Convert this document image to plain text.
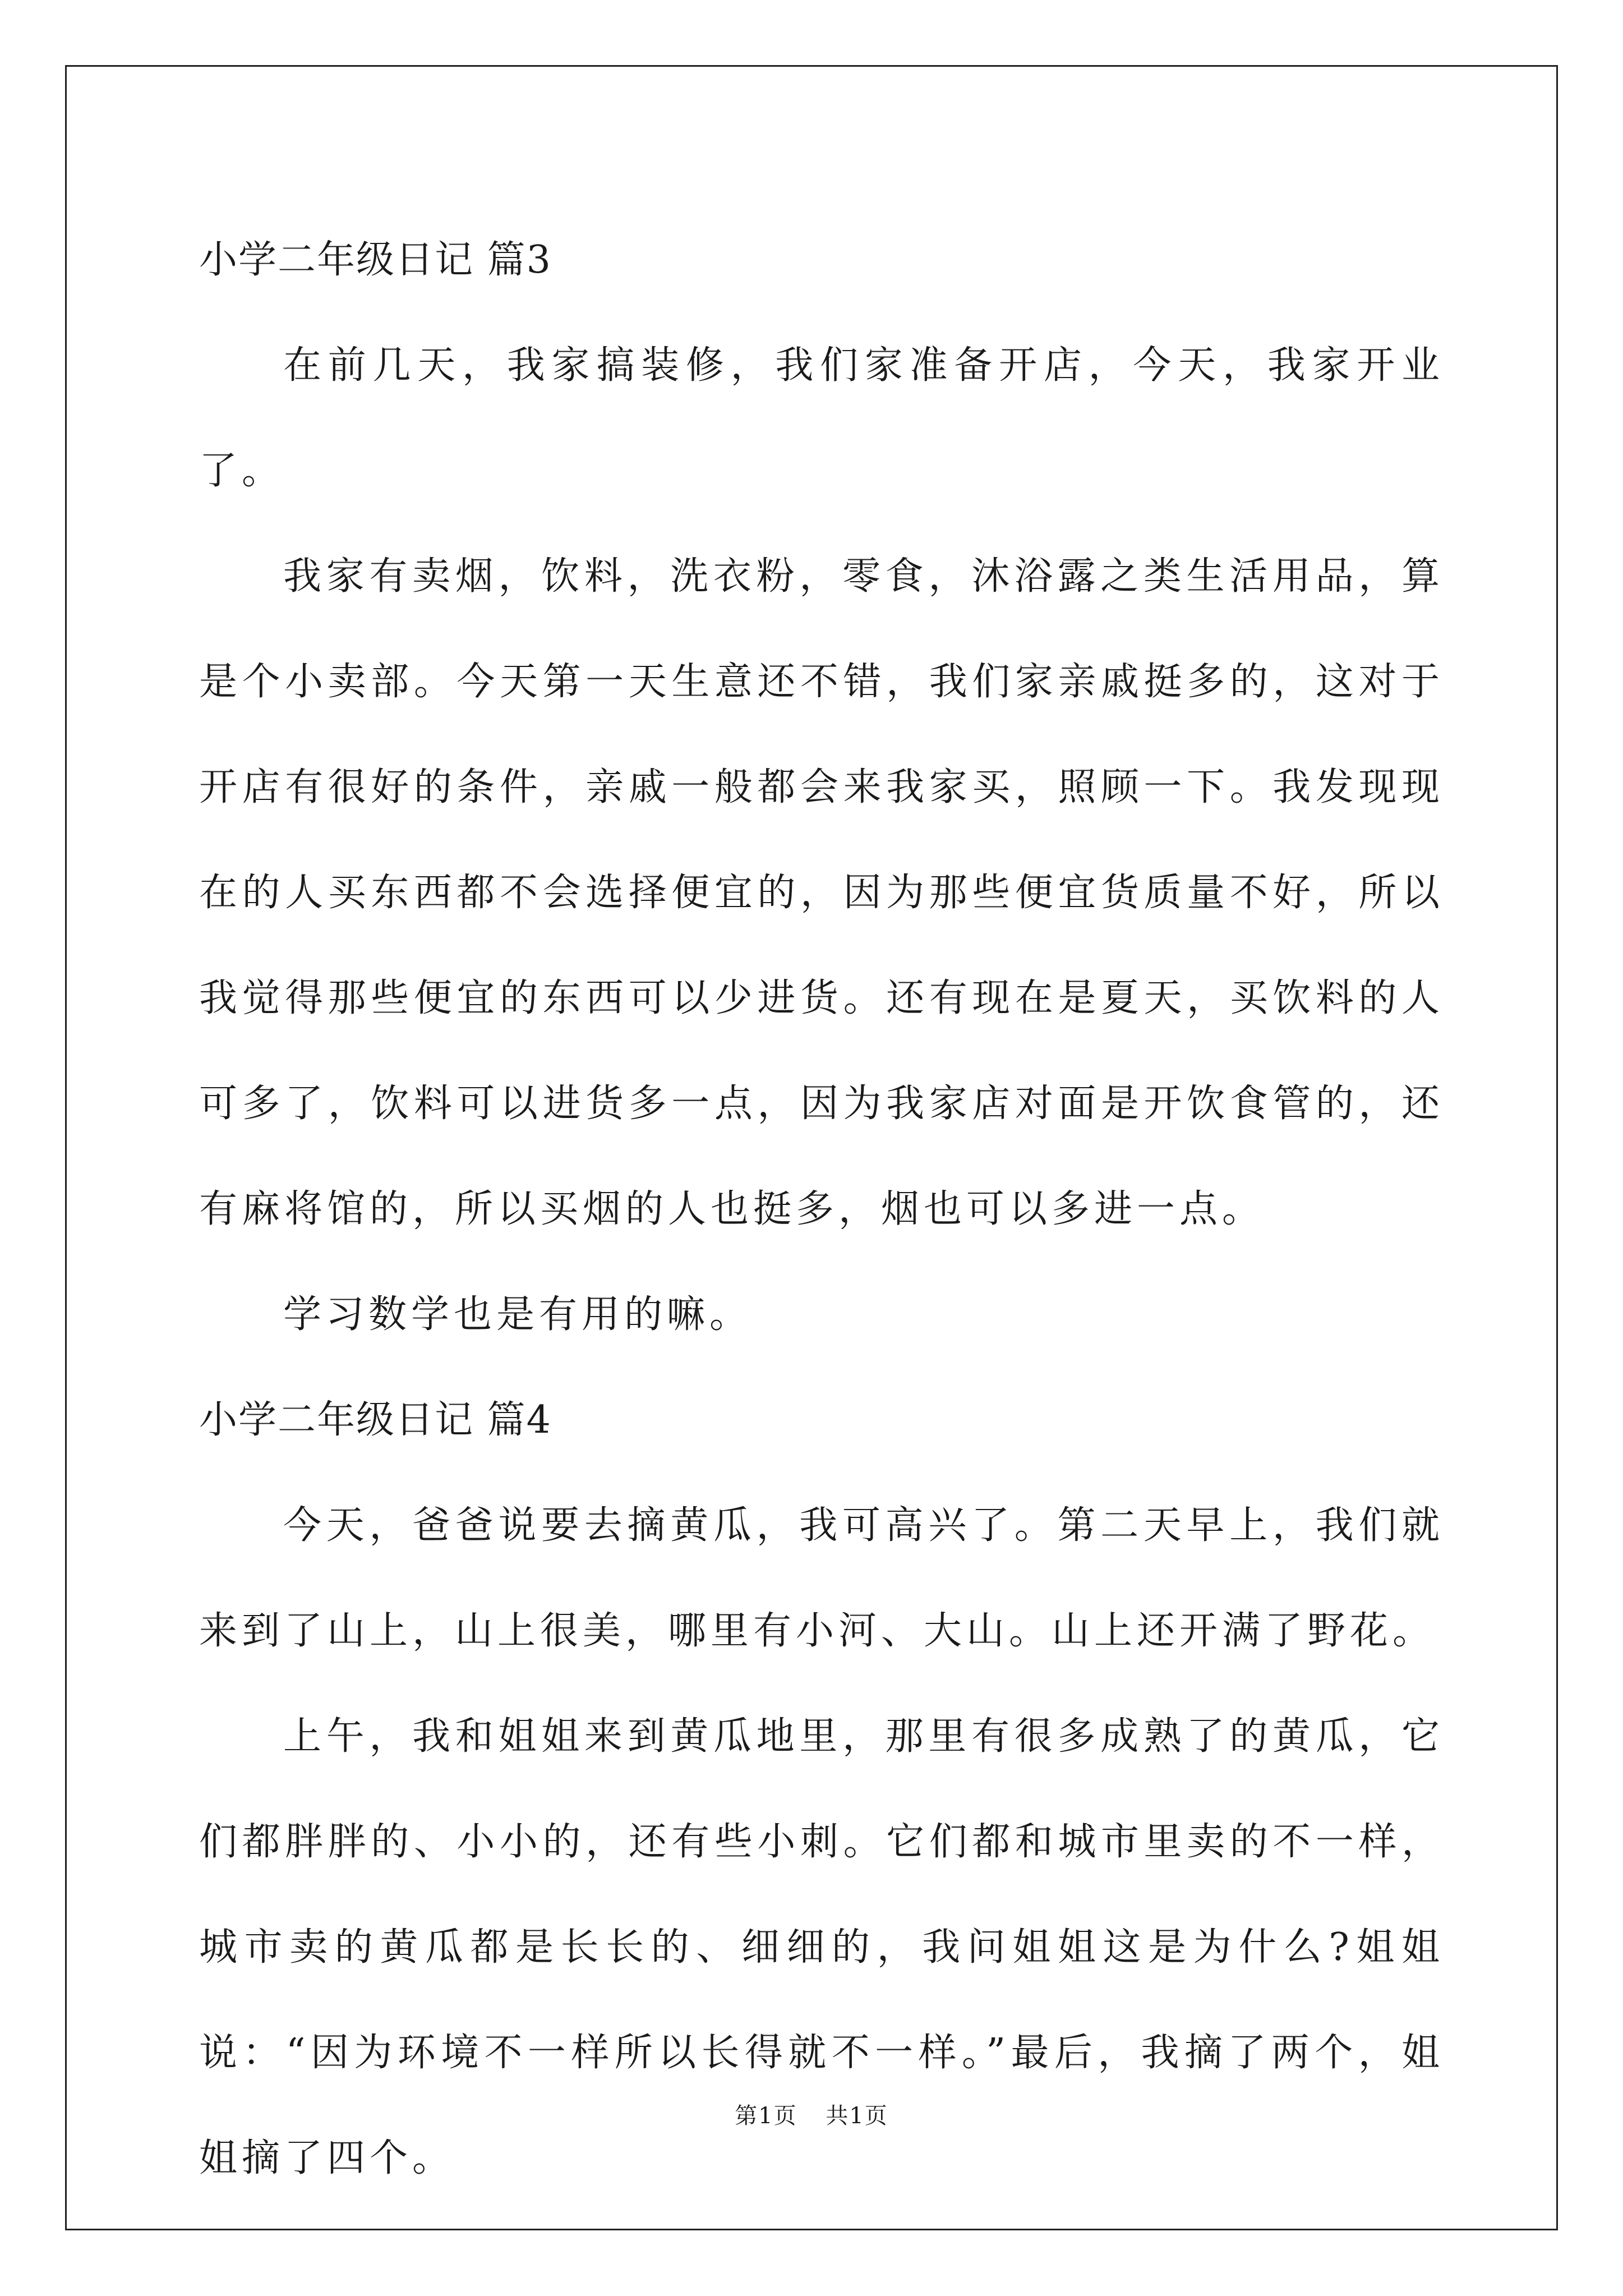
小学二年级日记 篇3

在前几天，我家搞装修，我们家准备开店，今天，我家开业了。

我家有卖烟，饮料，洗衣粉，零食，沐浴露之类生活用品，算是个小卖部。今天第一天生意还不错，我们家亲戚挺多的，这对于开店有很好的条件，亲戚一般都会来我家买，照顾一下。我发现现在的人买东西都不会选择便宜的，因为那些便宜货质量不好，所以我觉得那些便宜的东西可以少进货。还有现在是夏天，买饮料的人可多了，饮料可以进货多一点，因为我家店对面是开饮食管的，还有麻将馆的，所以买烟的人也挺多，烟也可以多进一点。

学习数学也是有用的嘛。

小学二年级日记 篇4

今天，爸爸说要去摘黄瓜，我可高兴了。第二天早上，我们就来到了山上，山上很美，哪里有小河、大山。山上还开满了野花。

上午，我和姐姐来到黄瓜地里，那里有很多成熟了的黄瓜，它们都胖胖的、小小的，还有些小刺。它们都和城市里卖的不一样，城市卖的黄瓜都是长长的、细细的，我问姐姐这是为什么?姐姐说：“因为环境不一样所以长得就不一样。”最后，我摘了两个，姐姐摘了四个。

第1页 共1页
